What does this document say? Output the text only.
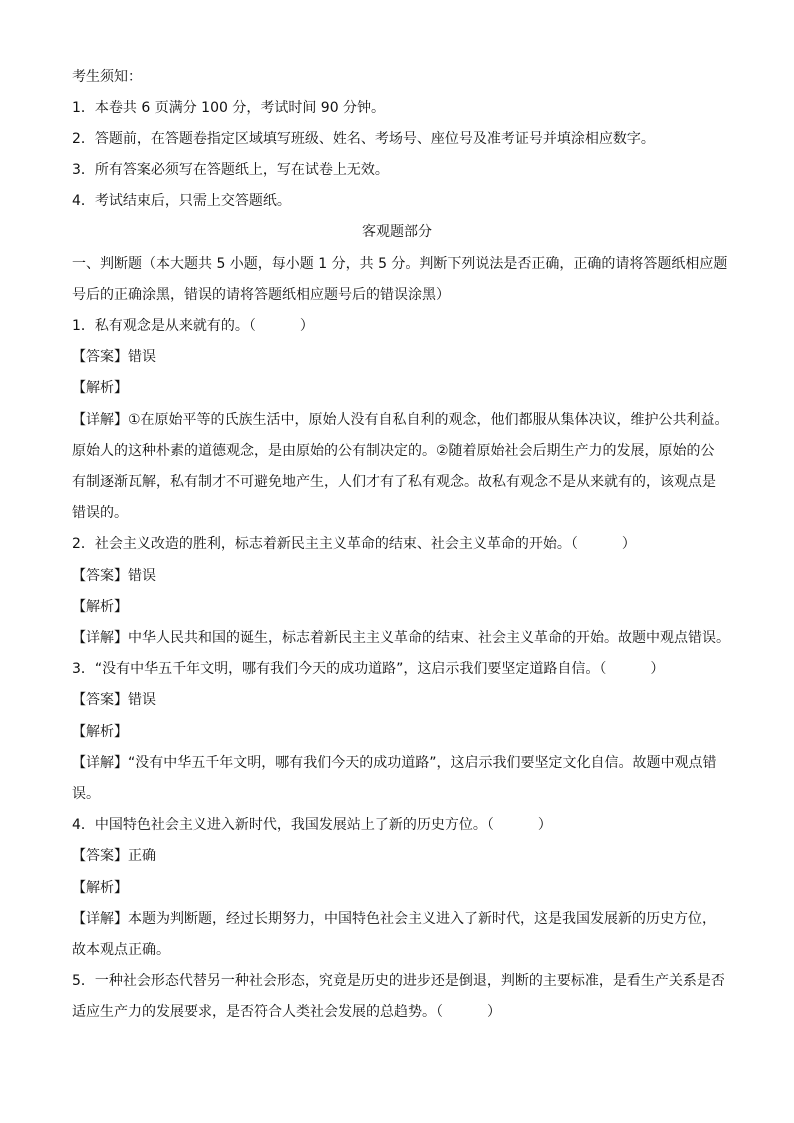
考生须知：
1．本卷共 6 页满分 100 分，考试时间 90 分钟。
2．答题前，在答题卷指定区域填写班级、姓名、考场号、座位号及准考证号并填涂相应数字。
3．所有答案必须写在答题纸上，写在试卷上无效。
4．考试结束后，只需上交答题纸。
客观题部分
一、判断题（本大题共 5 小题，每小题 1 分，共 5 分。判断下列说法是否正确，正确的请将答题纸相应题
号后的正确涂黑，错误的请将答题纸相应题号后的错误涂黑）
1．私有观念是从来就有的。（	）
【答案】错误
【解析】
【详解】①在原始平等的氏族生活中，原始人没有自私自利的观念，他们都服从集体决议，维护公共利益。
原始人的这种朴素的道德观念，是由原始的公有制决定的。②随着原始社会后期生产力的发展，原始的公
有制逐渐瓦解，私有制才不可避免地产生，人们才有了私有观念。故私有观念不是从来就有的，该观点是
错误的。
2．社会主义改造的胜利，标志着新民主主义革命的结束、社会主义革命的开始。（	）
【答案】错误
【解析】
【详解】中华人民共和国的诞生，标志着新民主主义革命的结束、社会主义革命的开始。故题中观点错误。
3．“没有中华五千年文明，哪有我们今天的成功道路”，这启示我们要坚定道路自信。（	）
【答案】错误
【解析】
【详解】“没有中华五千年文明，哪有我们今天的成功道路”，这启示我们要坚定文化自信。故题中观点错
误。
4．中国特色社会主义进入新时代，我国发展站上了新的历史方位。（	）
【答案】正确
【解析】
【详解】本题为判断题，经过长期努力，中国特色社会主义进入了新时代，这是我国发展新的历史方位，
故本观点正确。
5．一种社会形态代替另一种社会形态，究竟是历史的进步还是倒退，判断的主要标准，是看生产关系是否
适应生产力的发展要求，是否符合人类社会发展的总趋势。（	）
